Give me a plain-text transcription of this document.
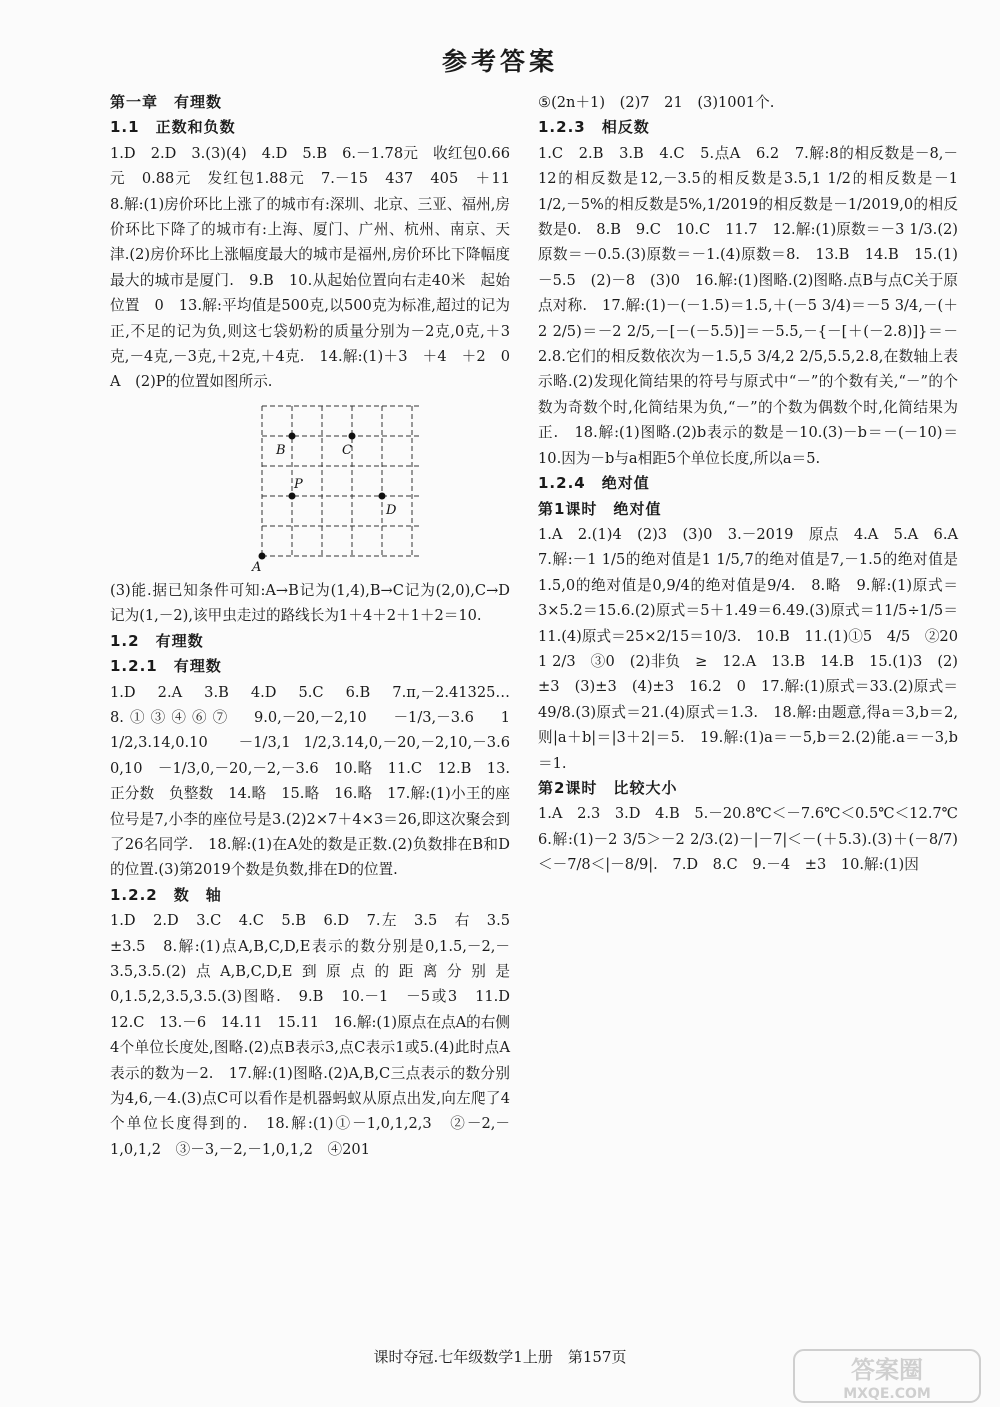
参考答案

第一章　有理数

1.1　正数和负数

1.D　2.D　3.(3)(4)　4.D　5.B　6.－1.78元　收红包0.66元　0.88元　发红包1.88元　7.－15　437　405　＋11　8.解:(1)房价环比上涨了的城市有:深圳、北京、三亚、福州,房价环比下降了的城市有:上海、厦门、广州、杭州、南京、天津.(2)房价环比上涨幅度最大的城市是福州,房价环比下降幅度最大的城市是厦门.　9.B　10.从起始位置向右走40米　起始位置　0　13.解:平均值是500克,以500克为标准,超过的记为正,不足的记为负,则这七袋奶粉的质量分别为－2克,0克,＋3克,－4克,－3克,＋2克,＋4克.　14.解:(1)＋3　＋4　＋2　0　A　(2)P的位置如图所示.

B	C
P
D
A

(3)能.据已知条件可知:A→B记为(1,4),B→C记为(2,0),C→D记为(1,－2),该甲虫走过的路线长为1＋4＋2＋1＋2＝10.

1.2　有理数

1.2.1　有理数

1.D　2.A　3.B　4.D　5.C　6.B　7.π,－2.41325…　8.①③④⑥⑦　9.0,－20,－2,10　－1/3,－3.6　1 1/2,3.14,0.10　－1/3,1 1/2,3.14,0,－20,－2,10,－3.6　0,10　－1/3,0,－20,－2,－3.6　10.略　11.C　12.B　13.正分数　负整数　14.略　15.略　16.略　17.解:(1)小王的座位号是7,小李的座位号是3.(2)2×7＋4×3＝26,即这次聚会到了26名同学.　18.解:(1)在A处的数是正数.(2)负数排在B和D的位置.(3)第2019个数是负数,排在D的位置.

1.2.2　数　轴

1.D　2.D　3.C　4.C　5.B　6.D　7.左　3.5　右　3.5　±3.5　8.解:(1)点A,B,C,D,E表示的数分别是0,1.5,－2,－3.5,3.5.(2)点A,B,C,D,E到原点的距离分别是0,1.5,2,3.5,3.5.(3)图略.　9.B　10.－1　－5或3　11.D　12.C　13.－6　14.11　15.11　16.解:(1)原点在点A的右侧4个单位长度处,图略.(2)点B表示3,点C表示1或5.(4)此时点A表示的数为－2.　17.解:(1)图略.(2)A,B,C三点表示的数分别为4,6,－4.(3)点C可以看作是机器蚂蚁从原点出发,向左爬了4个单位长度得到的.　18.解:(1)①－1,0,1,2,3　②－2,－1,0,1,2　③－3,－2,－1,0,1,2　④201

⑤(2n＋1)　(2)7　21　(3)1001个.

1.2.3　相反数

1.C　2.B　3.B　4.C　5.点A　6.2　7.解:8的相反数是－8,－12的相反数是12,－3.5的相反数是3.5,1 1/2的相反数是－1 1/2,－5%的相反数是5%,1/2019的相反数是－1/2019,0的相反数是0.　8.B　9.C　10.C　11.7　12.解:(1)原数＝－3 1/3.(2)原数＝－0.5.(3)原数＝－1.(4)原数＝8.　13.B　14.B　15.(1)－5.5　(2)－8　(3)0　16.解:(1)图略.(2)图略.点B与点C关于原点对称.　17.解:(1)－(－1.5)＝1.5,＋(－5 3/4)＝－5 3/4,－(＋2 2/5)＝－2 2/5,－[－(－5.5)]＝－5.5,－{－[＋(－2.8)]}＝－2.8.它们的相反数依次为－1.5,5 3/4,2 2/5,5.5,2.8,在数轴上表示略.(2)发现化简结果的符号与原式中“－”的个数有关,“－”的个数为奇数个时,化简结果为负,“－”的个数为偶数个时,化简结果为正.　18.解:(1)图略.(2)b表示的数是－10.(3)－b＝－(－10)＝10.因为－b与a相距5个单位长度,所以a＝5.

1.2.4　绝对值

第1课时　绝对值

1.A　2.(1)4　(2)3　(3)0　3.－2019　原点　4.A　5.A　6.A　7.解:－1 1/5的绝对值是1 1/5,7的绝对值是7,－1.5的绝对值是1.5,0的绝对值是0,9/4的绝对值是9/4.　8.略　9.解:(1)原式＝3×5.2＝15.6.(2)原式＝5＋1.49＝6.49.(3)原式＝11/5÷1/5＝11.(4)原式＝25×2/15＝10/3.　10.B　11.(1)①5　4/5　②20　1 2/3　③0　(2)非负　≥　12.A　13.B　14.B　15.(1)3　(2)±3　(3)±3　(4)±3　16.2　0　17.解:(1)原式＝33.(2)原式＝49/8.(3)原式＝21.(4)原式＝1.3.　18.解:由题意,得a＝3,b＝2,则|a＋b|＝|3＋2|＝5.　19.解:(1)a＝－5,b＝2.(2)能.a＝－3,b＝1.

第2课时　比较大小

1.A　2.3　3.D　4.B　5.－20.8℃＜－7.6℃＜0.5℃＜12.7℃　6.解:(1)－2 3/5＞－2 2/3.(2)－|－7|＜－(＋5.3).(3)＋(－8/7)＜－7/8＜|－8/9|.　7.D　8.C　9.－4　±3　10.解:(1)因

课时夺冠.七年级数学1上册　第157页	答案圈
MXQE.COM
